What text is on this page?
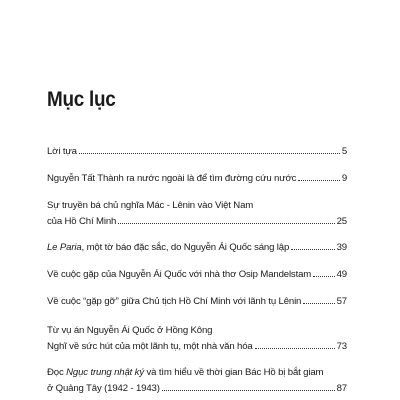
Mục lục
Lời tựa	5
Nguyễn Tất Thành ra nước ngoài là để tìm đường cứu nước	9
Sự truyền bá chủ nghĩa Mác - Lênin vào Việt Nam
của Hồ Chí Minh	25
Le Paria, một tờ báo đặc sắc, do Nguyễn Ái Quốc sáng lập	39
Về cuộc gặp của Nguyễn Ái Quốc với nhà thơ Osip Mandelstam	49
Về cuộc “gặp gỡ” giữa Chủ tịch Hồ Chí Minh với lãnh tụ Lênin	57
Từ vụ án Nguyễn Ái Quốc ở Hồng Kông
Nghĩ về sức hút của một lãnh tụ, một nhà văn hóa	73
Đọc Ngục trung nhật ký và tìm hiểu về thời gian Bác Hồ bị bắt giam
ở Quảng Tây (1942 - 1943)	87
